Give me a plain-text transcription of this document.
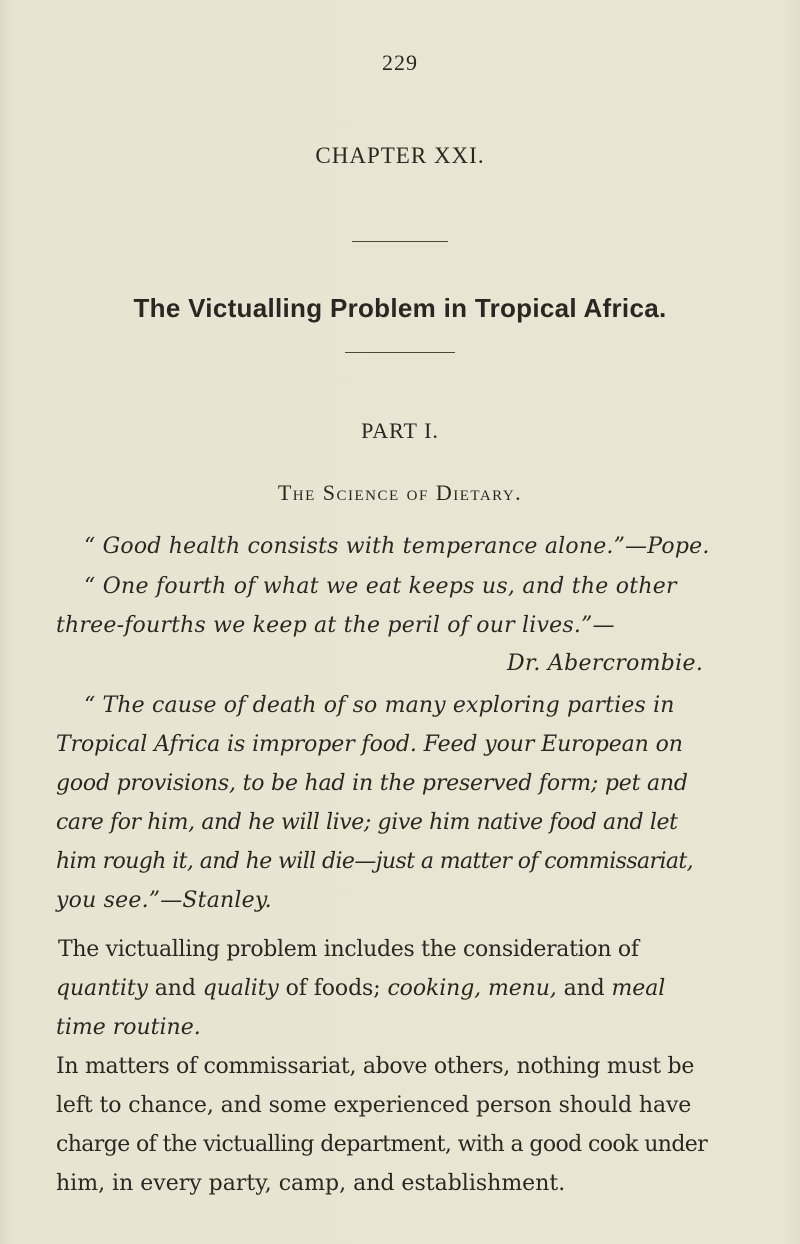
229
CHAPTER XXI.
The Victualling Problem in Tropical Africa.
PART I.
The Science of Dietary.
“ Good health consists with temperance alone.”—Pope.
“ One fourth of what we eat keeps us, and the other
three-fourths we keep at the peril of our lives.”—
Dr. Abercrombie.
“ The cause of death of so many exploring parties in
Tropical Africa is improper food. Feed your European on
good provisions, to be had in the preserved form; pet and
care for him, and he will live; give him native food and let
him rough it, and he will die—just a matter of commissariat,
you see.”—Stanley.
The victualling problem includes the consideration of
quantity and quality of foods; cooking, menu, and meal
time routine.
In matters of commissariat, above others, nothing must be
left to chance, and some experienced person should have
charge of the victualling department, with a good cook under
him, in every party, camp, and establishment.
